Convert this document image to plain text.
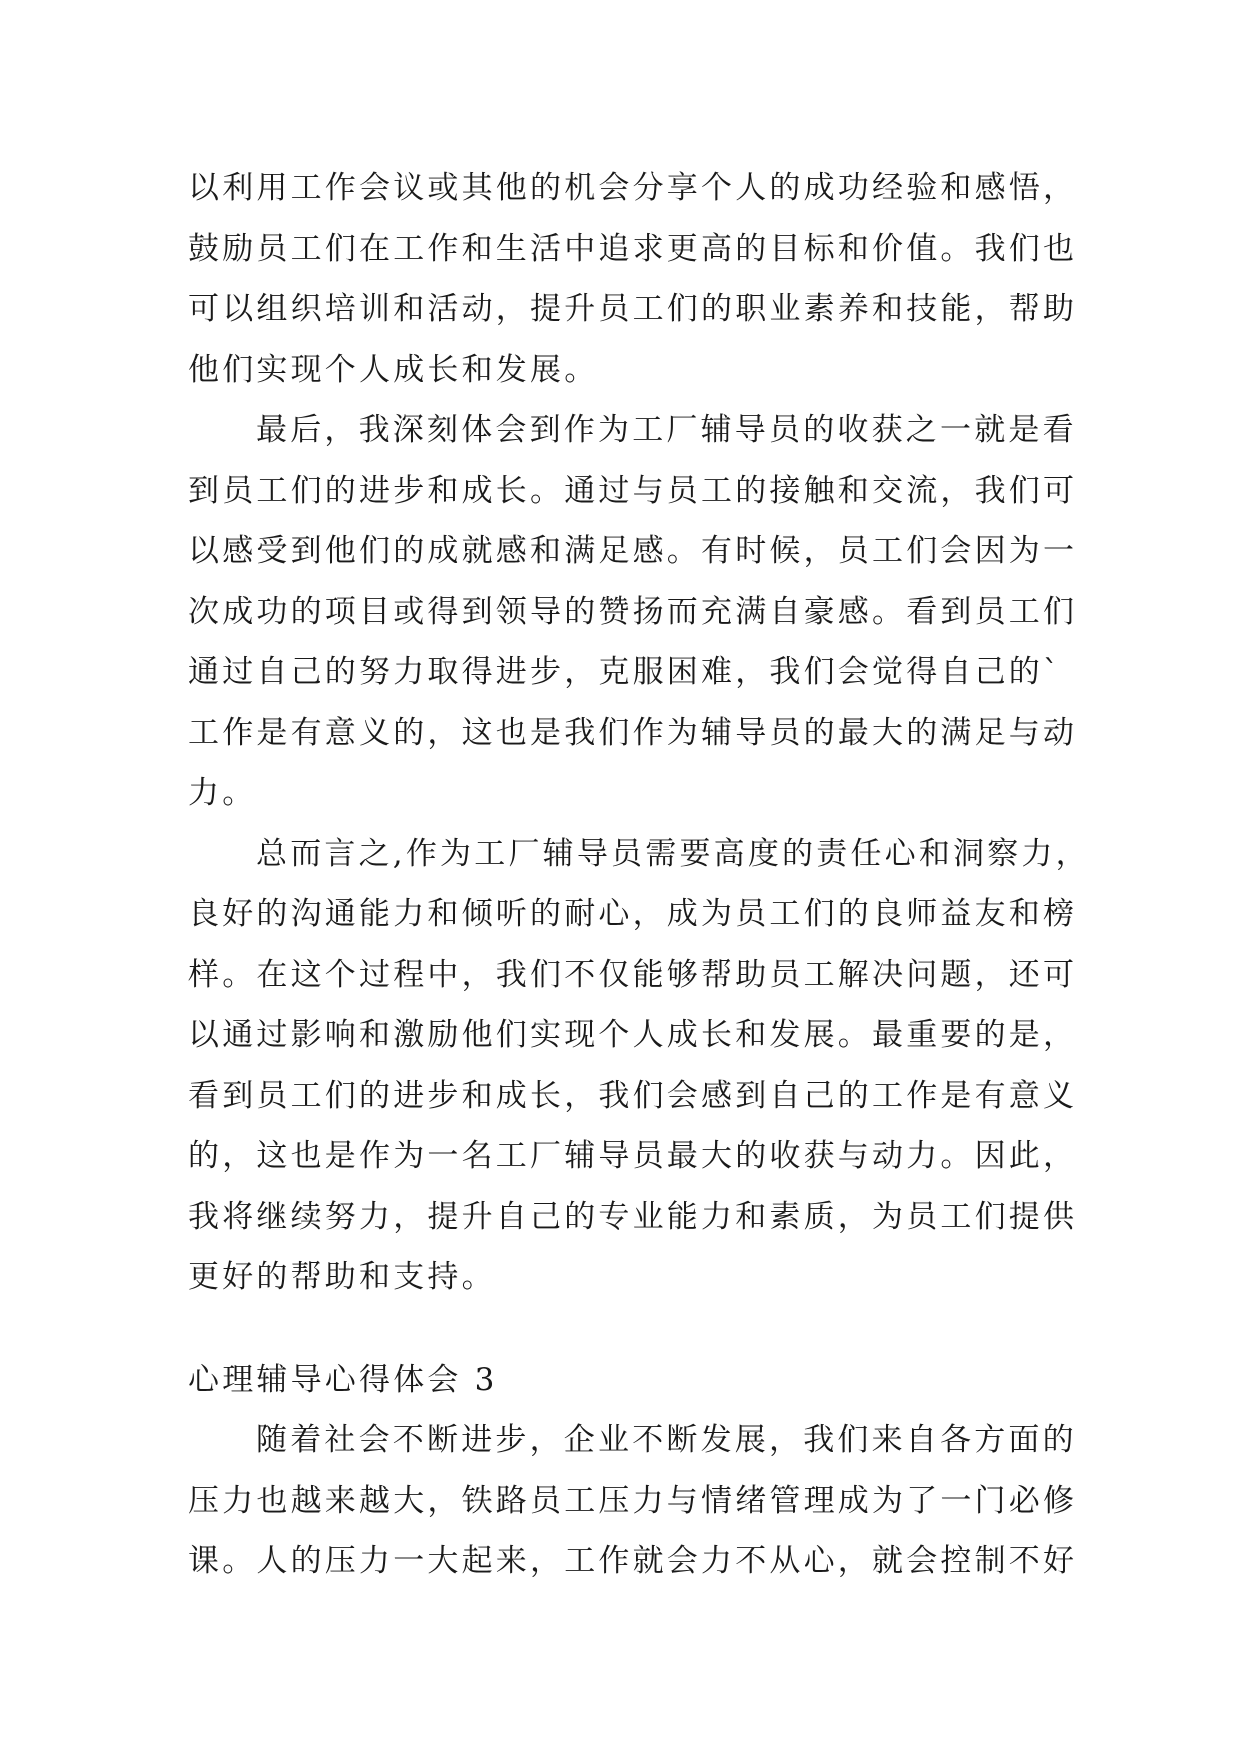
以利用工作会议或其他的机会分享个人的成功经验和感悟，
鼓励员工们在工作和生活中追求更高的目标和价值。我们也
可以组织培训和活动，提升员工们的职业素养和技能，帮助
他们实现个人成长和发展。

最后，我深刻体会到作为工厂辅导员的收获之一就是看
到员工们的进步和成长。通过与员工的接触和交流，我们可
以感受到他们的成就感和满足感。有时候，员工们会因为一
次成功的项目或得到领导的赞扬而充满自豪感。看到员工们
通过自己的努力取得进步，克服困难，我们会觉得自己的`
工作是有意义的，这也是我们作为辅导员的最大的满足与动
力。

总而言之,作为工厂辅导员需要高度的责任心和洞察力，
良好的沟通能力和倾听的耐心，成为员工们的良师益友和榜
样。在这个过程中，我们不仅能够帮助员工解决问题，还可
以通过影响和激励他们实现个人成长和发展。最重要的是，
看到员工们的进步和成长，我们会感到自己的工作是有意义
的，这也是作为一名工厂辅导员最大的收获与动力。因此，
我将继续努力，提升自己的专业能力和素质，为员工们提供
更好的帮助和支持。

心理辅导心得体会 3

随着社会不断进步，企业不断发展，我们来自各方面的
压力也越来越大，铁路员工压力与情绪管理成为了一门必修
课。人的压力一大起来，工作就会力不从心，就会控制不好
